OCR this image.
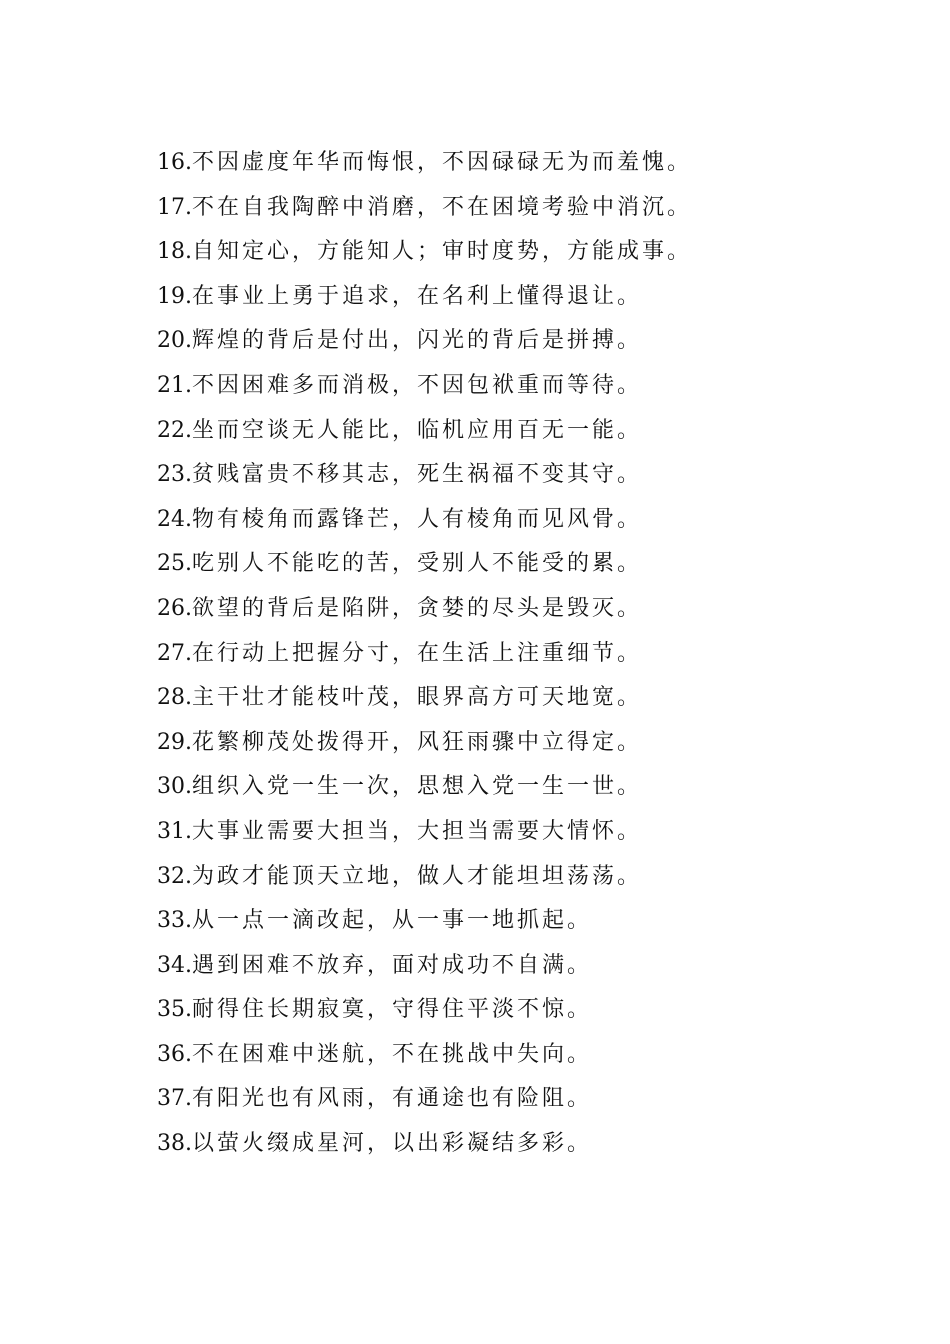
16.不因虚度年华而悔恨，不因碌碌无为而羞愧。
17.不在自我陶醉中消磨，不在困境考验中消沉。
18.自知定心，方能知人；审时度势，方能成事。
19.在事业上勇于追求，在名利上懂得退让。
20.辉煌的背后是付出，闪光的背后是拼搏。
21.不因困难多而消极，不因包袱重而等待。
22.坐而空谈无人能比，临机应用百无一能。
23.贫贱富贵不移其志，死生祸福不变其守。
24.物有棱角而露锋芒，人有棱角而见风骨。
25.吃别人不能吃的苦，受别人不能受的累。
26.欲望的背后是陷阱，贪婪的尽头是毁灭。
27.在行动上把握分寸，在生活上注重细节。
28.主干壮才能枝叶茂，眼界高方可天地宽。
29.花繁柳茂处拨得开，风狂雨骤中立得定。
30.组织入党一生一次，思想入党一生一世。
31.大事业需要大担当，大担当需要大情怀。
32.为政才能顶天立地，做人才能坦坦荡荡。
33.从一点一滴改起，从一事一地抓起。
34.遇到困难不放弃，面对成功不自满。
35.耐得住长期寂寞，守得住平淡不惊。
36.不在困难中迷航，不在挑战中失向。
37.有阳光也有风雨，有通途也有险阻。
38.以萤火缀成星河，以出彩凝结多彩。
